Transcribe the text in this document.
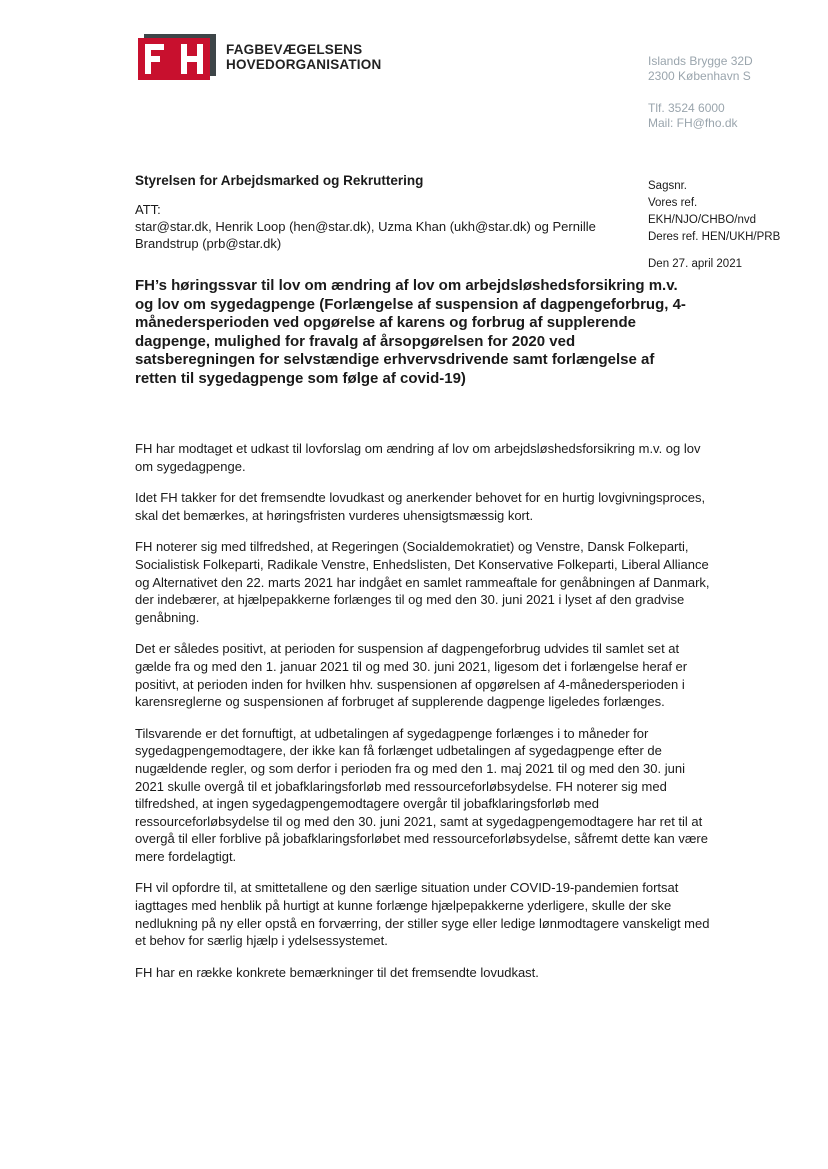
FAGBEVÆGELSENS
HOVEDORGANISATION	Islands Brygge 32D
2300 København S
Tlf. 3524 6000
Mail: FH@fho.dk
Styrelsen for Arbejdsmarked og Rekruttering
ATT:
star@star.dk, Henrik Loop (hen@star.dk), Uzma Khan (ukh@star.dk) og Pernille Brandstrup (prb@star.dk)
Sagsnr.
Vores ref.
EKH/NJO/CHBO/nvd
Deres ref. HEN/UKH/PRB
Den 27. april 2021
FH’s høringssvar til lov om ændring af lov om arbejdsløshedsforsikring m.v. og lov om sygedagpenge (Forlængelse af suspension af dagpengeforbrug, 4-månedersperioden ved opgørelse af karens og forbrug af supplerende dagpenge, mulighed for fravalg af årsopgørelsen for 2020 ved satsberegningen for selvstændige erhvervsdrivende samt forlængelse af retten til sygedagpenge som følge af covid-19)

FH har modtaget et udkast til lovforslag om ændring af lov om arbejdsløshedsforsikring m.v. og lov om sygedagpenge.

Idet FH takker for det fremsendte lovudkast og anerkender behovet for en hurtig lovgivningsproces, skal det bemærkes, at høringsfristen vurderes uhensigtsmæssig kort.

FH noterer sig med tilfredshed, at Regeringen (Socialdemokratiet) og Venstre, Dansk Folkeparti, Socialistisk Folkeparti, Radikale Venstre, Enhedslisten, Det Konservative Folkeparti, Liberal Alliance og Alternativet den 22. marts 2021 har indgået en samlet rammeaftale for genåbningen af Danmark, der indebærer, at hjælpepakkerne forlænges til og med den 30. juni 2021 i lyset af den gradvise genåbning.

Det er således positivt, at perioden for suspension af dagpengeforbrug udvides til samlet set at gælde fra og med den 1. januar 2021 til og med 30. juni 2021, ligesom det i forlængelse heraf er positivt, at perioden inden for hvilken hhv. suspensionen af opgørelsen af 4-månedersperioden i karensreglerne og suspensionen af forbruget af supplerende dagpenge ligeledes forlænges.

Tilsvarende er det fornuftigt, at udbetalingen af sygedagpenge forlænges i to måneder for sygedagpengemodtagere, der ikke kan få forlænget udbetalingen af sygedagpenge efter de nugældende regler, og som derfor i perioden fra og med den 1. maj 2021 til og med den 30. juni 2021 skulle overgå til et jobafklaringsforløb med ressourceforløbsydelse. FH noterer sig med tilfredshed, at ingen sygedagpengemodtagere overgår til jobafklaringsforløb med ressourceforløbsydelse til og med den 30. juni 2021, samt at sygedagpengemodtagere har ret til at overgå til eller forblive på jobafklaringsforløbet med ressourceforløbsydelse, såfremt dette kan være mere fordelagtigt.

FH vil opfordre til, at smittetallene og den særlige situation under COVID-19-pandemien fortsat iagttages med henblik på hurtigt at kunne forlænge hjælpepakkerne yderligere, skulle der ske nedlukning på ny eller opstå en forværring, der stiller syge eller ledige lønmodtagere vanskeligt med et behov for særlig hjælp i ydelsessystemet.

FH har en række konkrete bemærkninger til det fremsendte lovudkast.
